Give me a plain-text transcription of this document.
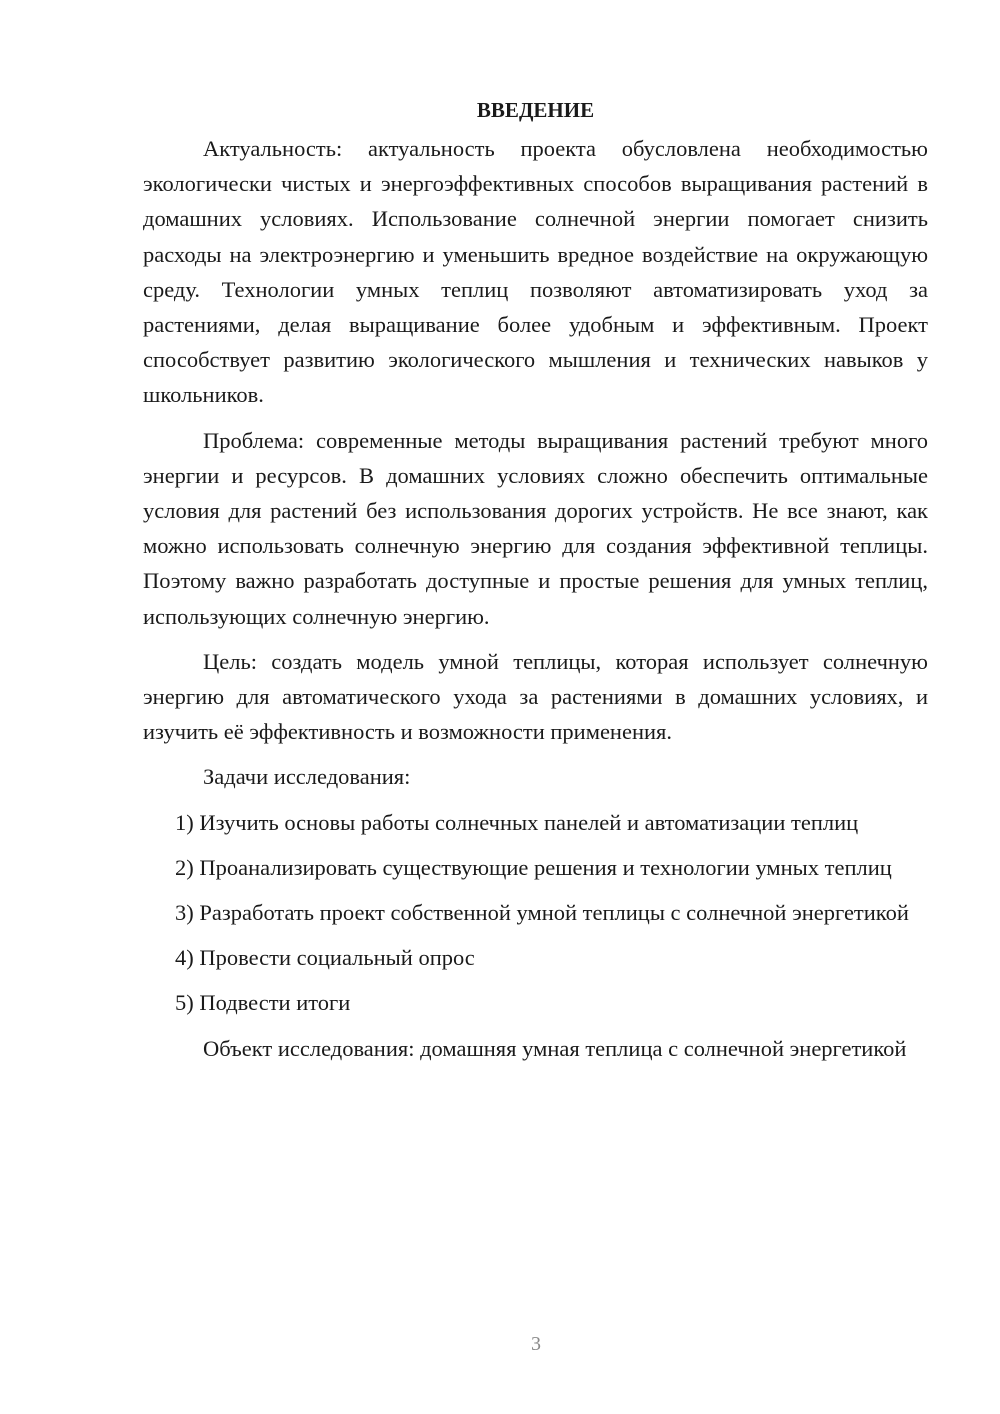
ВВЕДЕНИЕ

Актуальность: актуальность проекта обусловлена необходимостью экологически чистых и энергоэффективных способов выращивания растений в домашних условиях. Использование солнечной энергии помогает снизить расходы на электроэнергию и уменьшить вредное воздействие на окружающую среду. Технологии умных теплиц позволяют автоматизировать уход за растениями, делая выращивание более удобным и эффективным. Проект способствует развитию экологического мышления и технических навыков у школьников.

Проблема: современные методы выращивания растений требуют много энергии и ресурсов. В домашних условиях сложно обеспечить оптимальные условия для растений без использования дорогих устройств. Не все знают, как можно использовать солнечную энергию для создания эффективной теплицы. Поэтому важно разработать доступные и простые решения для умных теплиц, использующих солнечную энергию.

Цель: создать модель умной теплицы, которая использует солнечную энергию для автоматического ухода за растениями в домашних условиях, и изучить её эффективность и возможности применения.

Задачи исследования:

1) Изучить основы работы солнечных панелей и автоматизации теплиц

2) Проанализировать существующие решения и технологии умных теплиц

3) Разработать проект собственной умной теплицы с солнечной энергетикой

4) Провести социальный опрос

5) Подвести итоги

Объект исследования: домашняя умная теплица с солнечной энергетикой

3
